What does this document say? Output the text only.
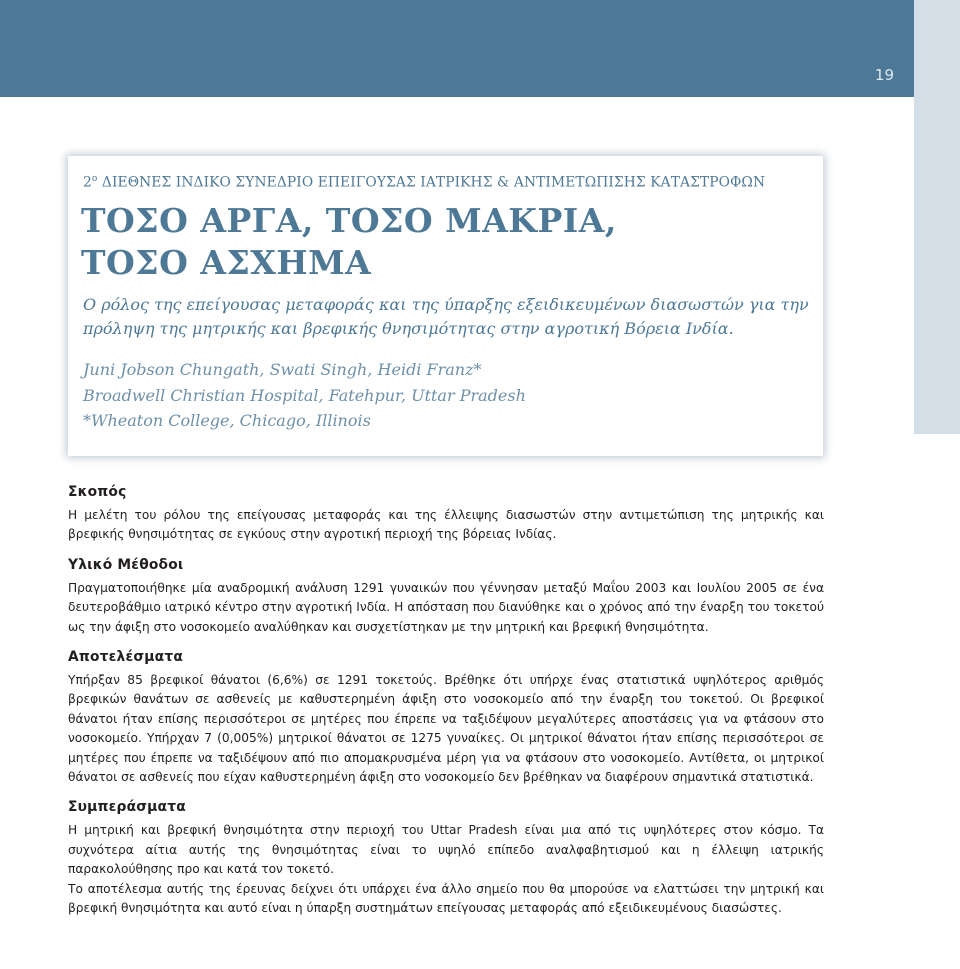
19
$2^o$ ΔΙΕΘΝΕΣ ΙΝΔΙΚΟ ΣΥΝΕΔΡΙΟ ΕΠΕΙΓΟΥΣΑΣ ΙΑΤΡΙΚΗΣ & ΑΝΤΙΜΕΤΩΠΙΣΗΣ ΚΑΤΑΣΤΡΟΦΩΝ
ΤΟΣΟ ΑΡΓΑ, ΤΟΣΟ ΜΑΚΡΙΑ,
ΤΟΣΟ ΑΣΧΗΜΑ

Ο ρόλος της επείγουσας μεταφοράς και της ύπαρξης εξειδικευμένων διασωστών για την πρόληψη της μητρικής και βρεφικής θνησιμότητας στην αγροτική Βόρεια Ινδία.

Juni Jobson Chungath, Swati Singh, Heidi Franz*
Broadwell Christian Hospital, Fatehpur, Uttar Pradesh
*Wheaton College, Chicago, Illinois
Σκοπός

Η μελέτη του ρόλου της επείγουσας μεταφοράς και της έλλειψης διασωστών στην αντιμετώπιση της μητρικής και βρεφικής θνησιμότητας σε εγκύους στην αγροτική περιοχή της βόρειας Ινδίας.

Υλικό Μέθοδοι

Πραγματοποιήθηκε μία αναδρομική ανάλυση 1291 γυναικών που γέννησαν μεταξύ Μαΐου 2003 και Ιουλίου 2005 σε ένα δευτεροβάθμιο ιατρικό κέντρο στην αγροτική Ινδία. Η απόσταση που διανύθηκε και ο χρόνος από την έναρξη του τοκετού ως την άφιξη στο νοσοκομείο αναλύθηκαν και συσχετίστηκαν με την μητρική και βρεφική θνησιμότητα.

Αποτελέσματα

Υπήρξαν 85 βρεφικοί θάνατοι (6,6%) σε 1291 τοκετούς. Βρέθηκε ότι υπήρχε ένας στατιστικά υψηλότερος αριθμός βρεφικών θανάτων σε ασθενείς με καθυστερημένη άφιξη στο νοσοκομείο από την έναρξη του τοκετού. Οι βρεφικοί θάνατοι ήταν επίσης περισσότεροι σε μητέρες που έπρεπε να ταξιδέψουν μεγαλύτερες αποστάσεις για να φτάσουν στο νοσοκομείο. Υπήρχαν 7 (0,005%) μητρικοί θάνατοι σε 1275 γυναίκες. Οι μητρικοί θάνατοι ήταν επίσης περισσότεροι σε μητέρες που έπρεπε να ταξιδέψουν από πιο απομακρυσμένα μέρη για να φτάσουν στο νοσοκομείο. Αντίθετα, οι μητρικοί θάνατοι σε ασθενείς που είχαν καθυστερημένη άφιξη στο νοσοκομείο δεν βρέθηκαν να διαφέρουν σημαντικά στατιστικά.

Συμπεράσματα

Η μητρική και βρεφική θνησιμότητα στην περιοχή του Uttar Pradesh είναι μια από τις υψηλότερες στον κόσμο. Τα συχνότερα αίτια αυτής της θνησιμότητας είναι το υψηλό επίπεδο αναλφαβητισμού και η έλλειψη ιατρικής παρακολούθησης προ και κατά τον τοκετό.

Το αποτέλεσμα αυτής της έρευνας δείχνει ότι υπάρχει ένα άλλο σημείο που θα μπορούσε να ελαττώσει την μητρική και βρεφική θνησιμότητα και αυτό είναι η ύπαρξη συστημάτων επείγουσας μεταφοράς από εξειδικευμένους διασώστες.
